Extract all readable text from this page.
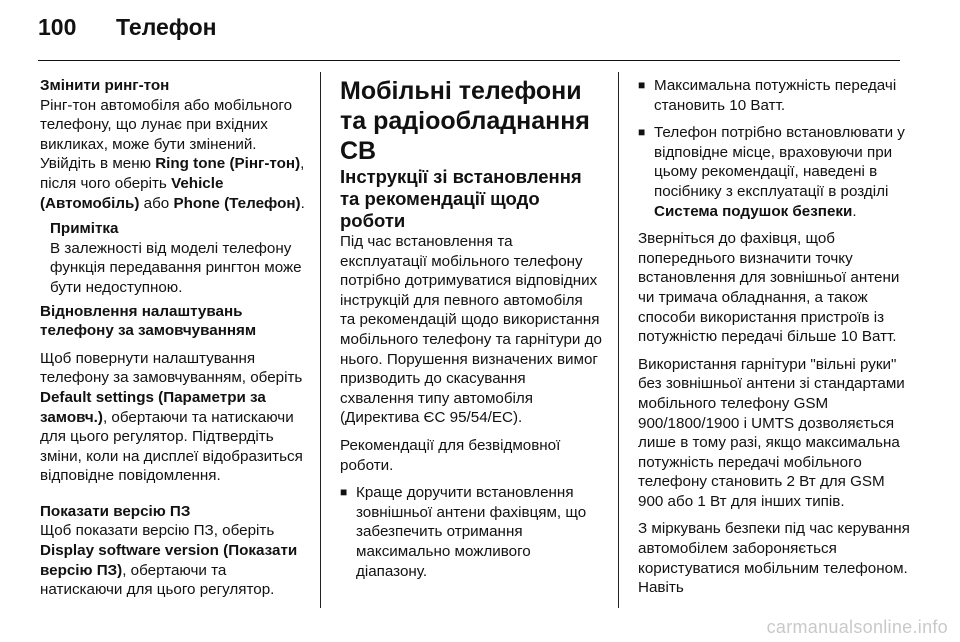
100	Телефон

Змінити ринг-тон

Рінг-тон автомобіля або мобільного телефону, що лунає при вхідних викликах, може бути змінений. Увійдіть в меню Ring tone (Рінг-тон), після чого оберіть Vehicle (Автомобіль) або Phone (Телефон).

Примітка

В залежності від моделі телефону функція передавання рингтон може бути недоступною.

Відновлення налаштувань телефону за замовчуванням

Щоб повернути налаштування телефону за замовчуванням, оберіть Default settings (Параметри за замовч.), обертаючи та натискаючи для цього регулятор. Підтвердіть зміни, коли на дисплеї відобразиться відповідне повідомлення.

Показати версію ПЗ

Щоб показати версію ПЗ, оберіть Display software version (Показати версію ПЗ), обертаючи та натискаючи для цього регулятор.

Мобільні телефони та радіообладнання CB

Інструкції зі встановлення та рекомендації щодо роботи

Під час встановлення та експлуатації мобільного телефону потрібно дотримуватися відповідних інструкцій для певного автомобіля та рекомендацій щодо використання мобільного телефону та гарнітури до нього. Порушення визначених вимог призводить до скасування схвалення типу автомобіля (Директива ЄС 95/54/EC).

Рекомендації для безвідмовної роботи.

■ Краще доручити встановлення зовнішньої антени фахівцям, що забезпечить отримання максимально можливого діапазону.
■ Максимальна потужність передачі становить 10 Ватт.
■ Телефон потрібно встановлювати у відповідне місце, враховуючи при цьому рекомендації, наведені в посібнику з експлуатації в розділі Система подушок безпеки.

Зверніться до фахівця, щоб попереднього визначити точку встановлення для зовнішньої антени чи тримача обладнання, а також способи використання пристроїв із потужністю передачі більше 10 Ватт.

Використання гарнітури "вільні руки" без зовнішньої антени зі стандартами мобільного телефону GSM 900/1800/1900 і UMTS дозволяється лише в тому разі, якщо максимальна потужність передачі мобільного телефону становить 2 Вт для GSM 900 або 1 Вт для інших типів.

З міркувань безпеки під час керування автомобілем забороняється користуватися мобільним телефоном. Навіть

carmanualsonline.info
